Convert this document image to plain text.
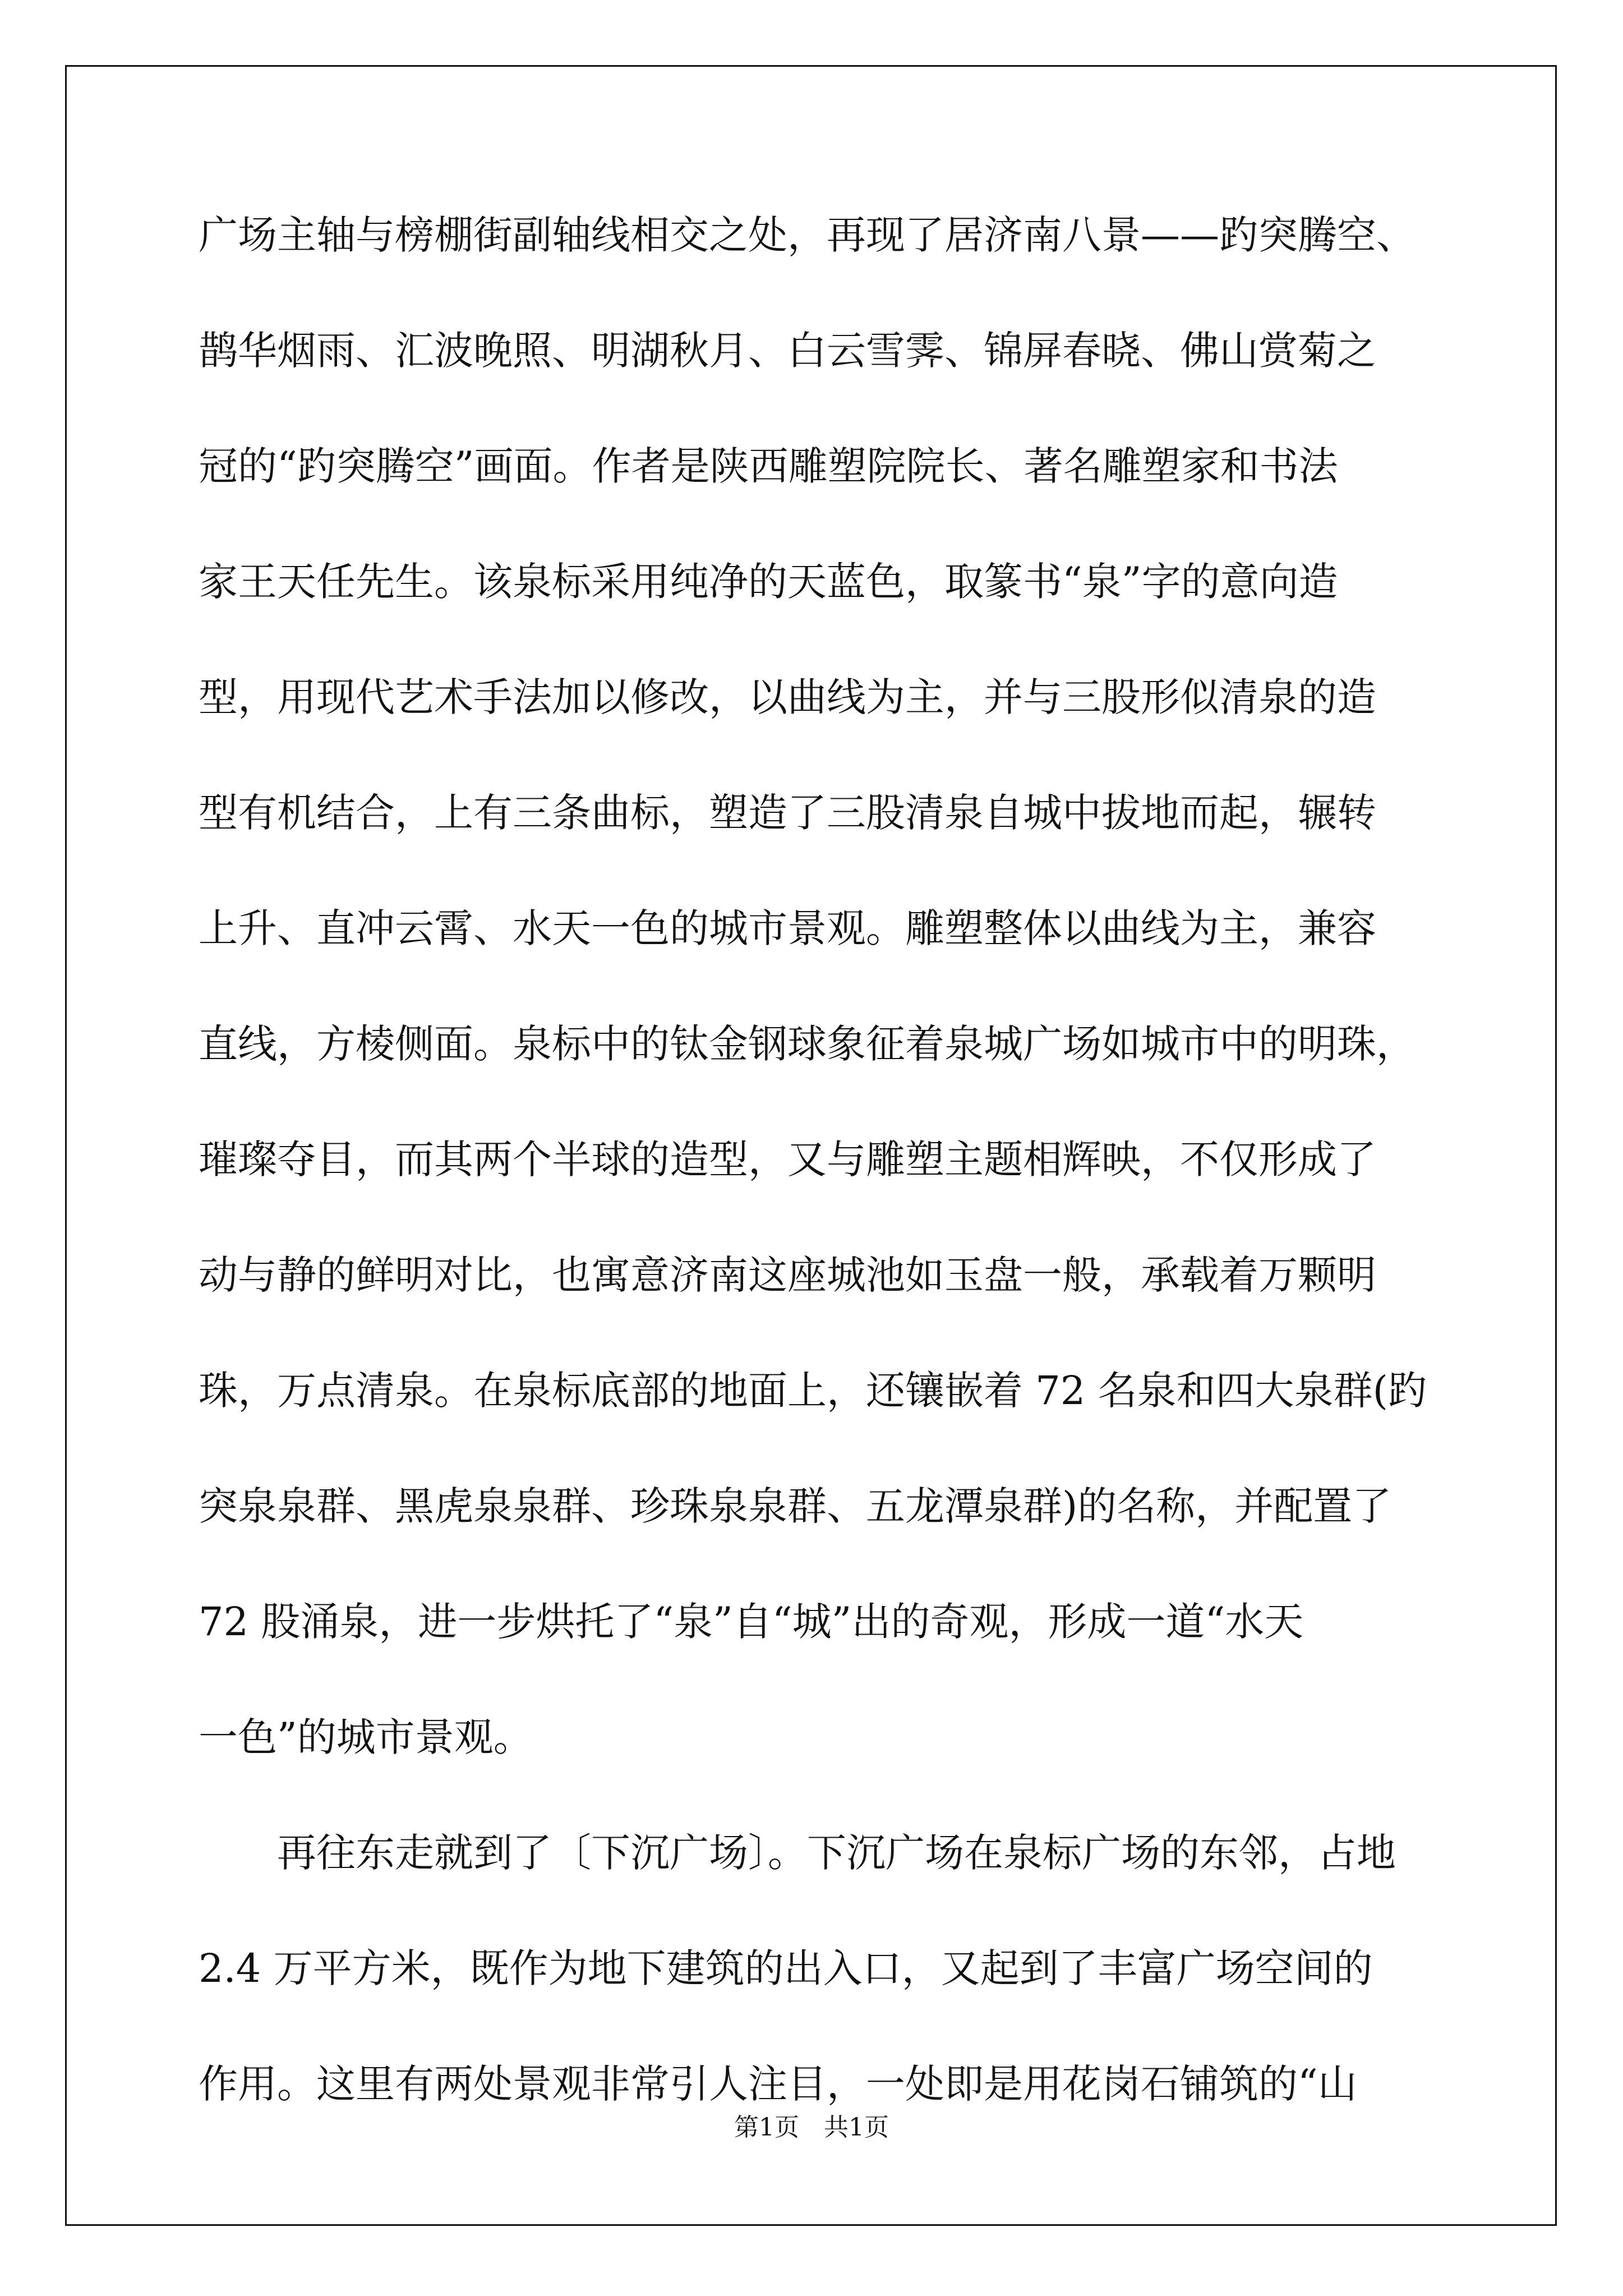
广场主轴与榜棚街副轴线相交之处，再现了居济南八景——趵突腾空、
鹊华烟雨、汇波晚照、明湖秋月、白云雪霁、锦屏春晓、佛山赏菊之
冠的“趵突腾空”画面。作者是陕西雕塑院院长、著名雕塑家和书法
家王天任先生。该泉标采用纯净的天蓝色，取篆书“泉”字的意向造
型，用现代艺术手法加以修改，以曲线为主，并与三股形似清泉的造
型有机结合，上有三条曲标，塑造了三股清泉自城中拔地而起，辗转
上升、直冲云霄、水天一色的城市景观。雕塑整体以曲线为主，兼容
直线，方棱侧面。泉标中的钛金钢球象征着泉城广场如城市中的明珠，
璀璨夺目，而其两个半球的造型，又与雕塑主题相辉映，不仅形成了
动与静的鲜明对比，也寓意济南这座城池如玉盘一般，承载着万颗明
珠，万点清泉。在泉标底部的地面上，还镶嵌着 72 名泉和四大泉群(趵
突泉泉群、黑虎泉泉群、珍珠泉泉群、五龙潭泉群)的名称，并配置了
72 股涌泉，进一步烘托了“泉”自“城”出的奇观，形成一道“水天
一色”的城市景观。
再往东走就到了〔下沉广场〕。下沉广场在泉标广场的东邻，占地
2.4 万平方米，既作为地下建筑的出入口，又起到了丰富广场空间的
作用。这里有两处景观非常引人注目，一处即是用花岗石铺筑的“山
第1页　共1页
